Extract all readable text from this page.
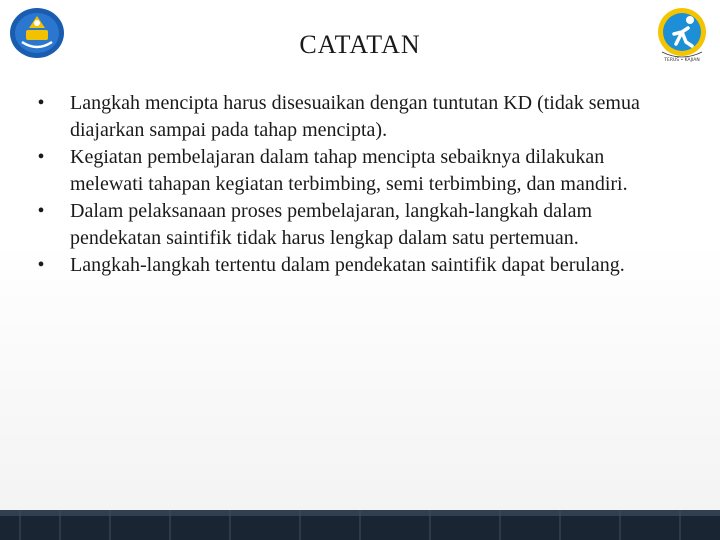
TERUS • KAJIAN
CATATAN
•	Langkah mencipta harus disesuaikan dengan tuntutan KD (tidak semua diajarkan sampai pada tahap mencipta).
•	Kegiatan pembelajaran dalam tahap mencipta sebaiknya dilakukan melewati tahapan kegiatan terbimbing, semi terbimbing, dan mandiri.
•	Dalam pelaksanaan proses pembelajaran, langkah-langkah dalam pendekatan saintifik tidak harus lengkap dalam satu pertemuan.
•	Langkah-langkah tertentu dalam pendekatan saintifik dapat berulang.
